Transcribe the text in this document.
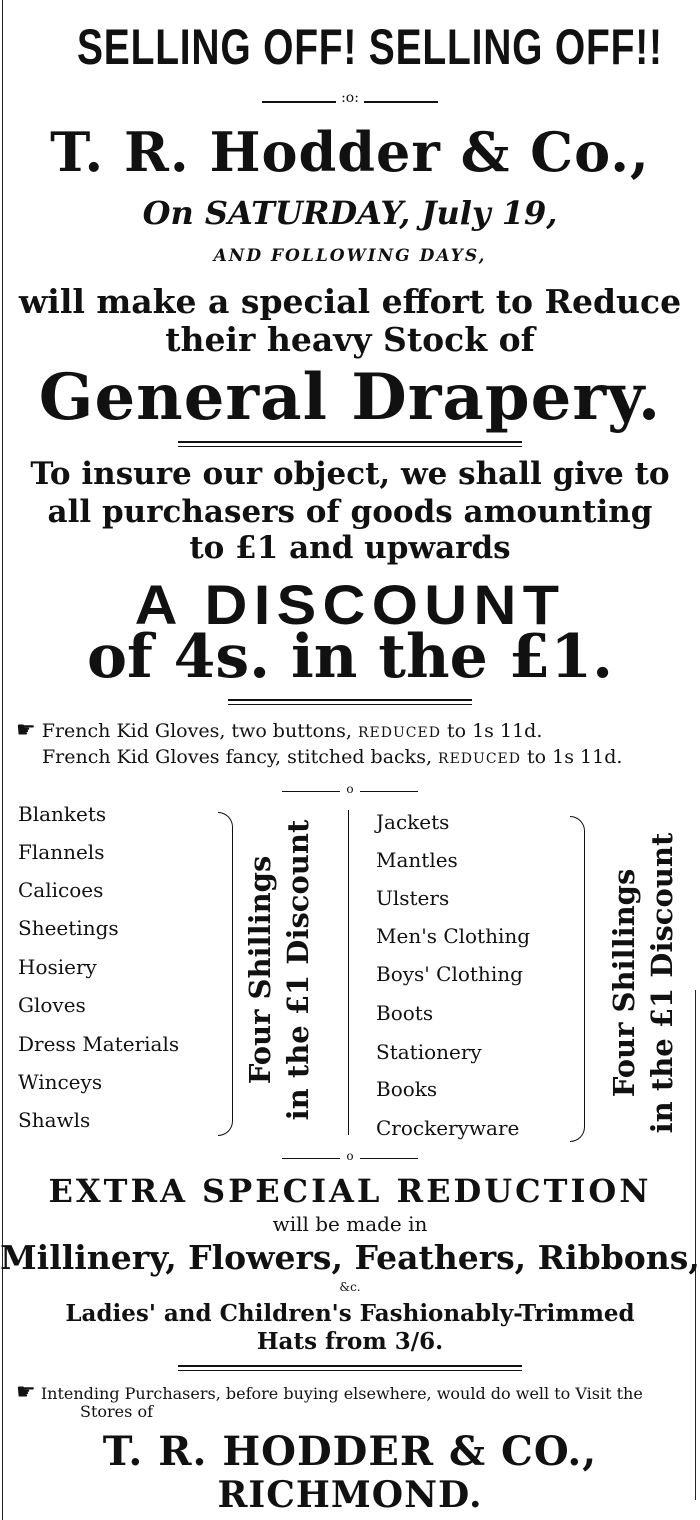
SELLING OFF! SELLING OFF!!
:o:
T. R. Hodder & Co.,
On SATURDAY, July 19,
AND FOLLOWING DAYS,
will make a special effort to Reduce
their heavy Stock of
General Drapery.
To insure our object, we shall give to
all purchasers of goods amounting
to £1 and upwards
A DISCOUNT
of 4s. in the £1.
☛ French Kid Gloves, two buttons, REDUCED to 1s 11d.
French Kid Gloves fancy, stitched backs, REDUCED to 1s 11d.
o
Blankets
Flannels
Calicoes
Sheetings
Hosiery
Gloves
Dress Materials
Winceys
Shawls
Four Shillings in the £1 Discount	Jackets
Mantles
Ulsters
Men's Clothing
Boys' Clothing
Boots
Stationery
Books
Crockeryware
Four Shillings in the £1 Discount
o
EXTRA SPECIAL REDUCTION
will be made in
Millinery, Flowers, Feathers, Ribbons,
&c.
Ladies' and Children's Fashionably-Trimmed
Hats from 3/6.
☛ Intending Purchasers, before buying elsewhere, would do well to Visit the
Stores of
T. R. HODDER & CO.,
RICHMOND.
